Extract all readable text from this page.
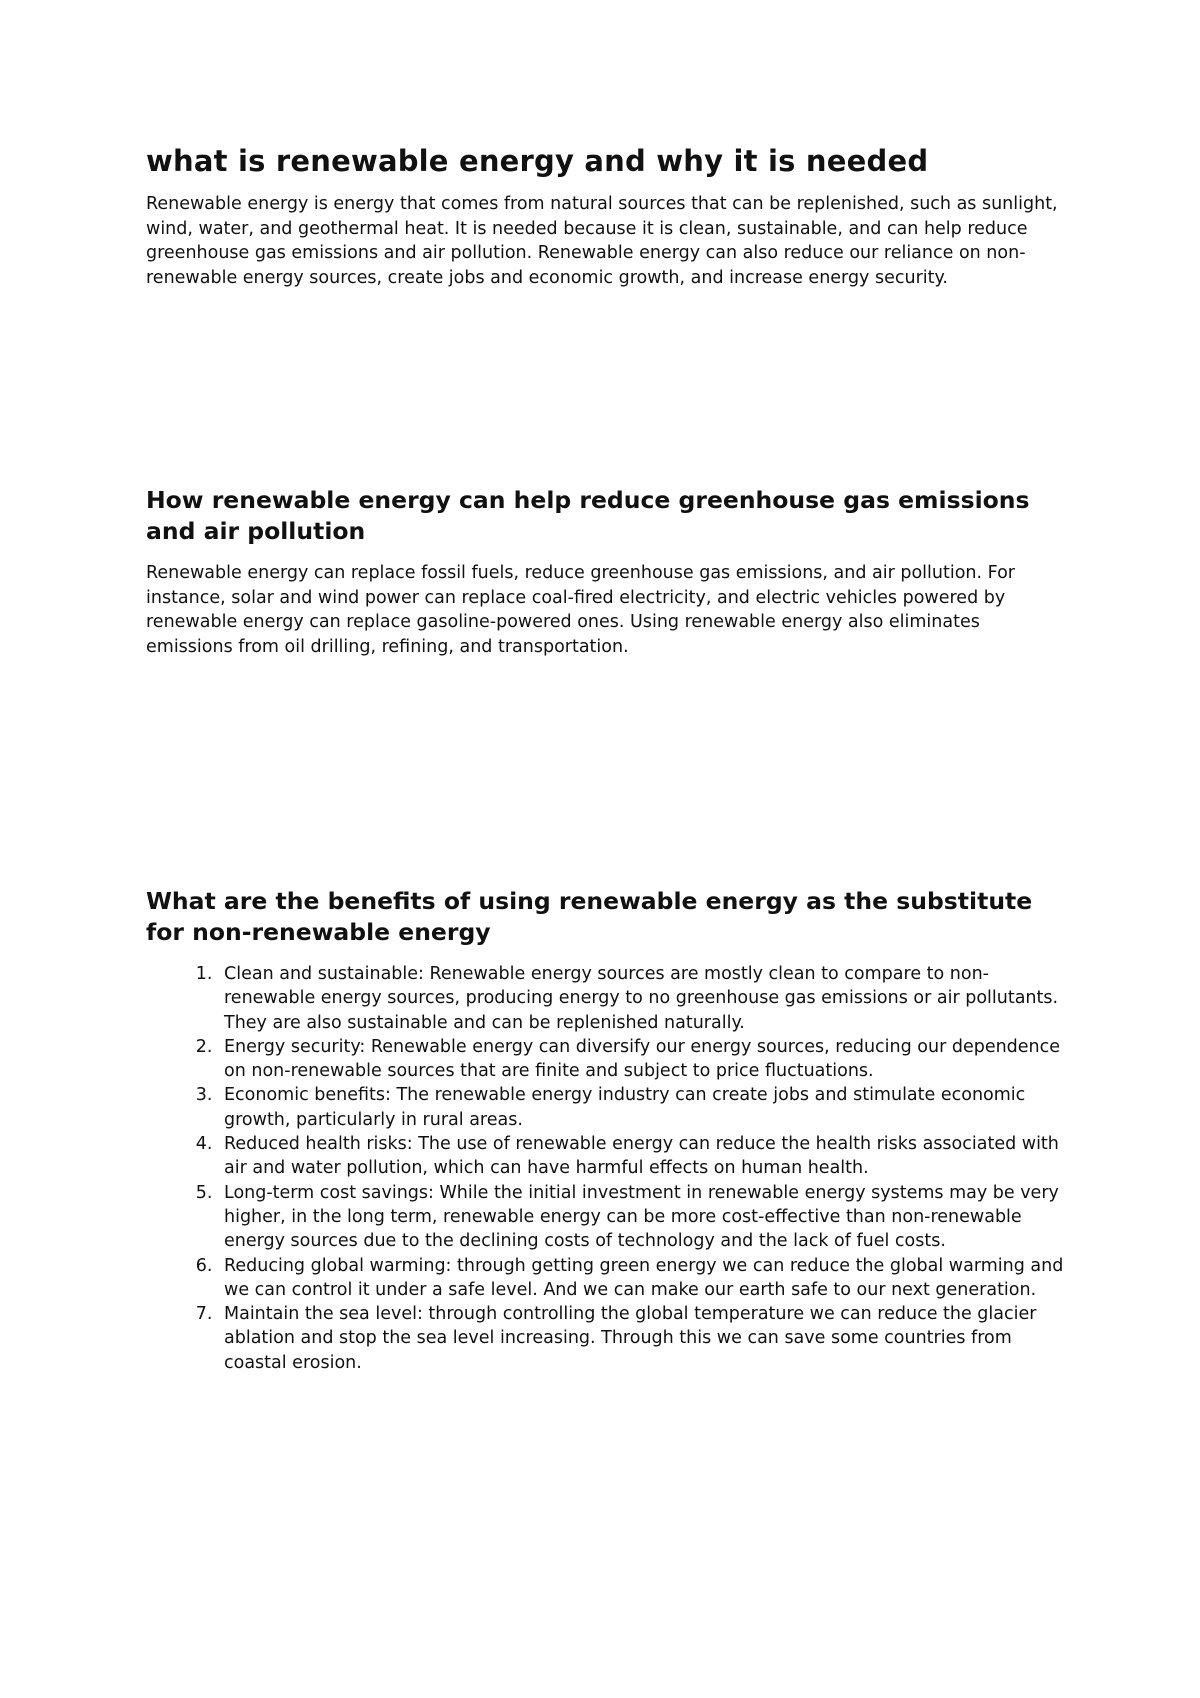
what is renewable energy and why it is needed

Renewable energy is energy that comes from natural sources that can be replenished, such as sunlight, wind, water, and geothermal heat. It is needed because it is clean, sustainable, and can help reduce greenhouse gas emissions and air pollution. Renewable energy can also reduce our reliance on non-renewable energy sources, create jobs and economic growth, and increase energy security.

How renewable energy can help reduce greenhouse gas emissions and air pollution

Renewable energy can replace fossil fuels, reduce greenhouse gas emissions, and air pollution. For instance, solar and wind power can replace coal-fired electricity, and electric vehicles powered by renewable energy can replace gasoline-powered ones. Using renewable energy also eliminates emissions from oil drilling, refining, and transportation.

What are the benefits of using renewable energy as the substitute for non-renewable energy
1. Clean and sustainable: Renewable energy sources are mostly clean to compare to non-renewable energy sources, producing energy to no greenhouse gas emissions or air pollutants. They are also sustainable and can be replenished naturally.
2. Energy security: Renewable energy can diversify our energy sources, reducing our dependence on non-renewable sources that are finite and subject to price fluctuations.
3. Economic benefits: The renewable energy industry can create jobs and stimulate economic growth, particularly in rural areas.
4. Reduced health risks: The use of renewable energy can reduce the health risks associated with air and water pollution, which can have harmful effects on human health.
5. Long-term cost savings: While the initial investment in renewable energy systems may be very higher, in the long term, renewable energy can be more cost-effective than non-renewable energy sources due to the declining costs of technology and the lack of fuel costs.
6. Reducing global warming: through getting green energy we can reduce the global warming and we can control it under a safe level. And we can make our earth safe to our next generation.
7. Maintain the sea level: through controlling the global temperature we can reduce the glacier ablation and stop the sea level increasing. Through this we can save some countries from coastal erosion.
